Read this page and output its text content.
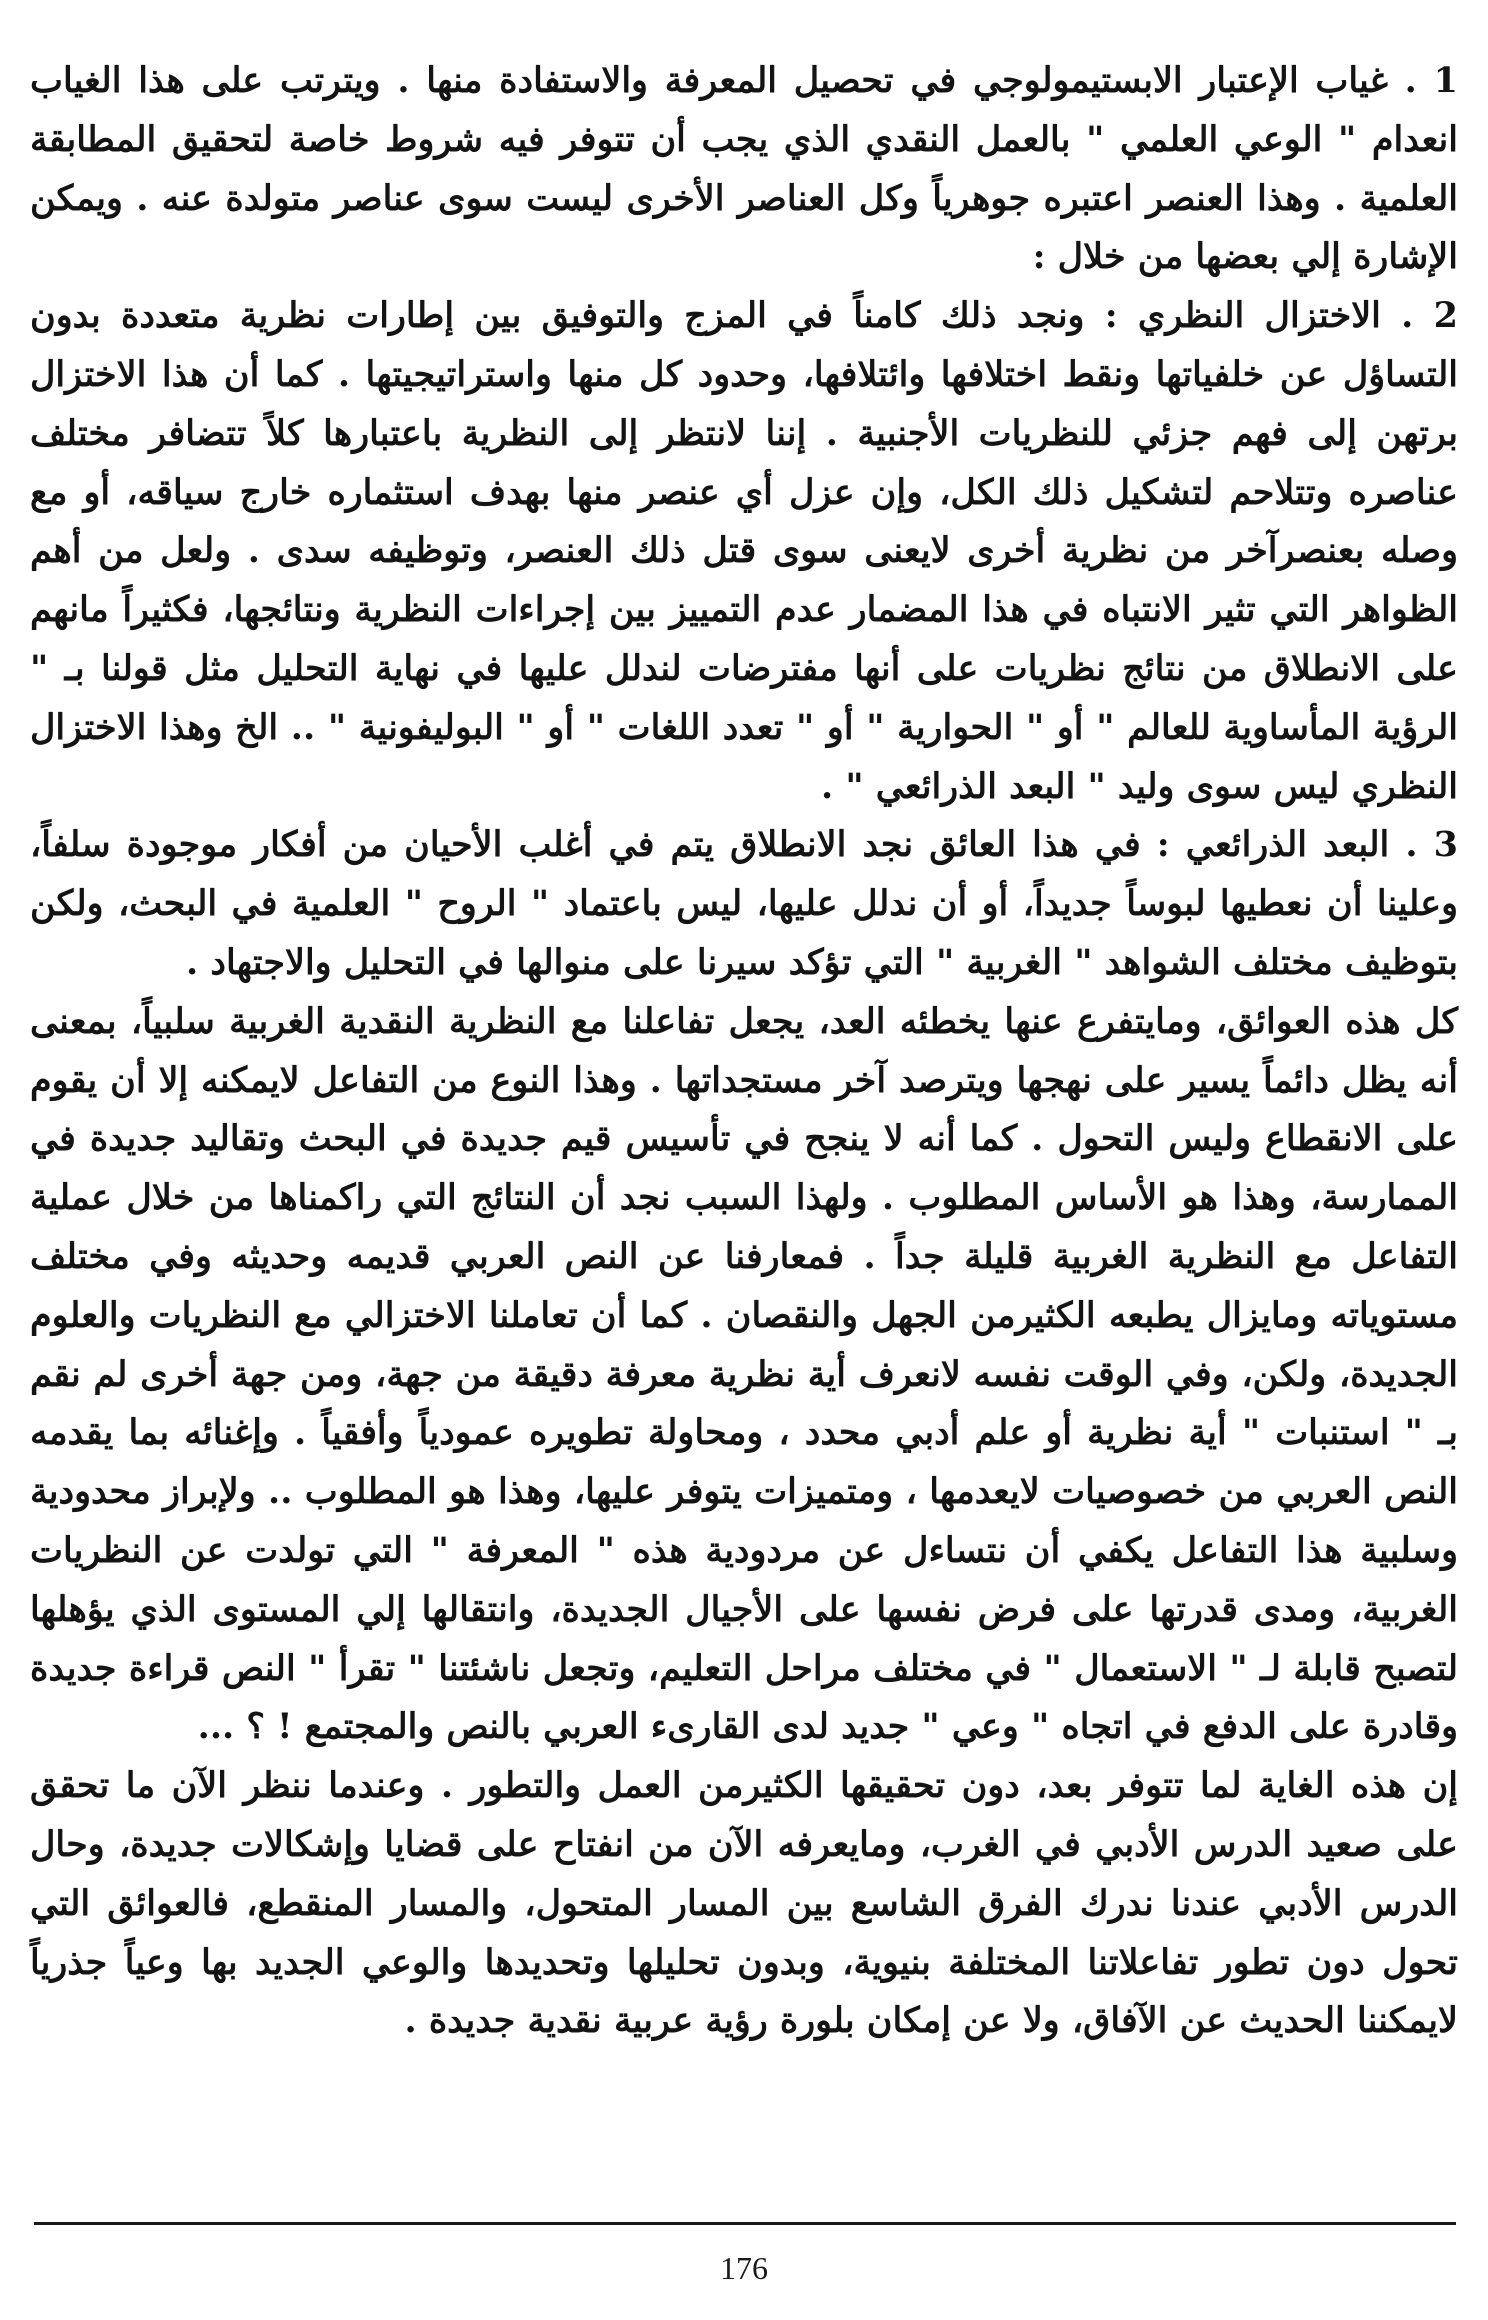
1 . غياب الإعتبار الابستيمولوجي في تحصيل المعرفة والاستفادة منها . ويترتب على هذا الغياب انعدام " الوعي العلمي " بالعمل النقدي الذي يجب أن تتوفر فيه شروط خاصة لتحقيق المطابقة العلمية . وهذا العنصر اعتبره جوهرياً وكل العناصر الأخرى ليست سوى عناصر متولدة عنه . ويمكن الإشارة إلي بعضها من خلال :

2 . الاختزال النظري : ونجد ذلك كامناً في المزج والتوفيق بين إطارات نظرية متعددة بدون التساؤل عن خلفياتها ونقط اختلافها وائتلافها، وحدود كل منها واستراتيجيتها . كما أن هذا الاختزال برتهن إلى فهم جزئي للنظريات الأجنبية . إننا لانتظر إلى النظرية باعتبارها كلاً تتضافر مختلف عناصره وتتلاحم لتشكيل ذلك الكل، وإن عزل أي عنصر منها بهدف استثماره خارج سياقه، أو مع وصله بعنصرآخر من نظرية أخرى لايعنى سوى قتل ذلك العنصر، وتوظيفه سدى . ولعل من أهم الظواهر التي تثير الانتباه في هذا المضمار عدم التمييز بين إجراءات النظرية ونتائجها، فكثيراً مانهم على الانطلاق من نتائج نظريات على أنها مفترضات لندلل عليها في نهاية التحليل مثل قولنا بـ " الرؤية المأساوية للعالم " أو " الحوارية " أو " تعدد اللغات " أو " البوليفونية " .. الخ وهذا الاختزال النظري ليس سوى وليد " البعد الذرائعي " .

3 . البعد الذرائعي : في هذا العائق نجد الانطلاق يتم في أغلب الأحيان من أفكار موجودة سلفاً، وعلينا أن نعطيها لبوساً جديداً، أو أن ندلل عليها، ليس باعتماد " الروح " العلمية في البحث، ولكن بتوظيف مختلف الشواهد " الغربية " التي تؤكد سيرنا على منوالها في التحليل والاجتهاد .

كل هذه العوائق، ومايتفرع عنها يخطئه العد، يجعل تفاعلنا مع النظرية النقدية الغربية سلبياً، بمعنى أنه يظل دائماً يسير على نهجها ويترصد آخر مستجداتها . وهذا النوع من التفاعل لايمكنه إلا أن يقوم على الانقطاع وليس التحول . كما أنه لا ينجح في تأسيس قيم جديدة في البحث وتقاليد جديدة في الممارسة، وهذا هو الأساس المطلوب . ولهذا السبب نجد أن النتائج التي راكمناها من خلال عملية التفاعل مع النظرية الغربية قليلة جداً . فمعارفنا عن النص العربي قديمه وحديثه وفي مختلف مستوياته ومايزال يطبعه الكثيرمن الجهل والنقصان . كما أن تعاملنا الاختزالي مع النظريات والعلوم الجديدة، ولكن، وفي الوقت نفسه لانعرف أية نظرية معرفة دقيقة من جهة، ومن جهة أخرى لم نقم بـ " استنبات " أية نظرية أو علم أدبي محدد ، ومحاولة تطويره عمودياً وأفقياً . وإغنائه بما يقدمه النص العربي من خصوصيات لايعدمها ، ومتميزات يتوفر عليها، وهذا هو المطلوب .. ولإبراز محدودية وسلبية هذا التفاعل يكفي أن نتساءل عن مردودية هذه " المعرفة " التي تولدت عن النظريات الغربية، ومدى قدرتها على فرض نفسها على الأجيال الجديدة، وانتقالها إلي المستوى الذي يؤهلها لتصبح قابلة لـ " الاستعمال " في مختلف مراحل التعليم، وتجعل ناشئتنا " تقرأ " النص قراءة جديدة وقادرة على الدفع في اتجاه " وعي " جديد لدى القارىء العربي بالنص والمجتمع ! ؟ ...

إن هذه الغاية لما تتوفر بعد، دون تحقيقها الكثيرمن العمل والتطور . وعندما ننظر الآن ما تحقق على صعيد الدرس الأدبي في الغرب، ومايعرفه الآن من انفتاح على قضايا وإشكالات جديدة، وحال الدرس الأدبي عندنا ندرك الفرق الشاسع بين المسار المتحول، والمسار المنقطع، فالعوائق التي تحول دون تطور تفاعلاتنا المختلفة بنيوية، وبدون تحليلها وتحديدها والوعي الجديد بها وعياً جذرياً لايمكننا الحديث عن الآفاق، ولا عن إمكان بلورة رؤية عربية نقدية جديدة .

176
